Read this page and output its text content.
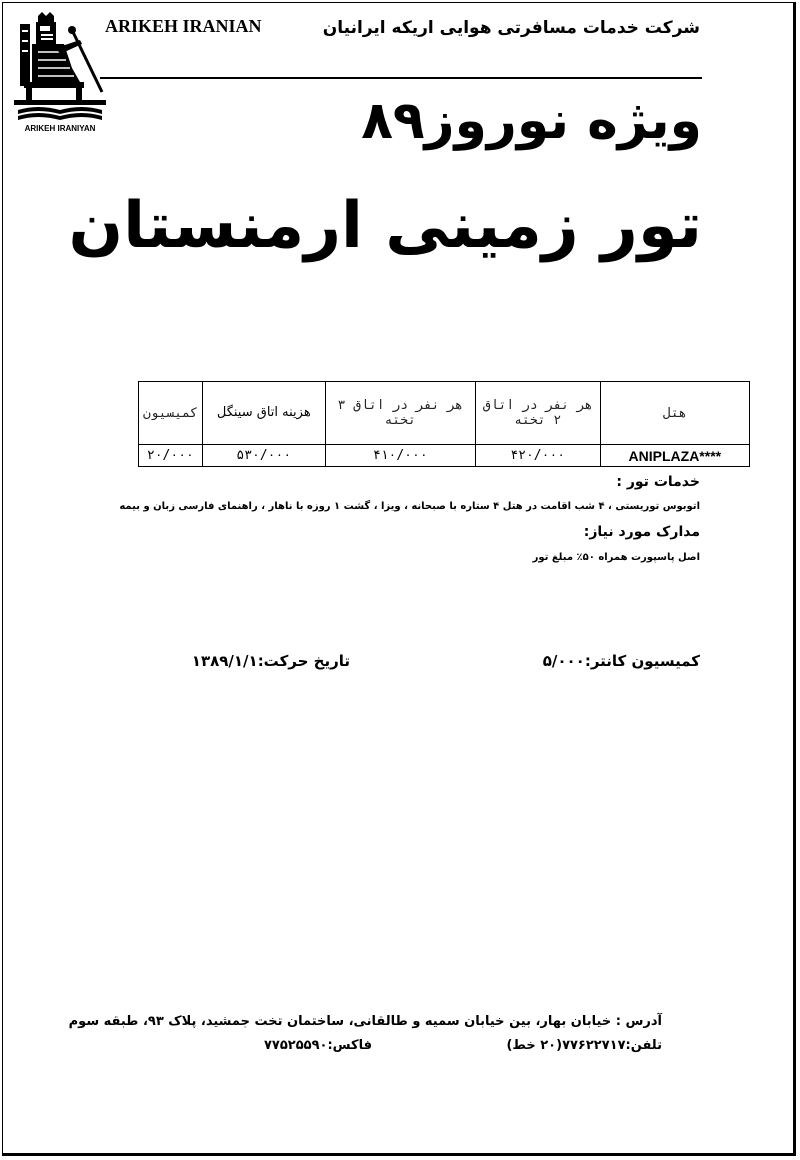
ARIKEH IRANIYAN
ARIKEH IRANIAN	شرکت خدمات مسافرتی هوایی اریکه ایرانیان
ویژه نوروز۸۹
تور زمینی ارمنستان
هتل	هر نفر در اتاق ۲ تخته	هر نفر در اتاق ۳ تخته	هزینه اتاق سینگل	کمیسیون
ANIPLAZA****	۴۲۰/۰۰۰	۴۱۰/۰۰۰	۵۳۰/۰۰۰	۲۰/۰۰۰
خدمات تور :
اتوبوس توریستی ، ۴ شب اقامت در هتل ۴ ستاره با صبحانه ، ویزا ، گشت ۱ روزه با ناهار ، راهنمای فارسی زبان و بیمه
مدارک مورد نیاز:
اصل پاسپورت همراه ۵۰٪ مبلغ تور
کمیسیون کانتر:۵/۰۰۰
تاریخ حرکت:۱۳۸۹/۱/۱
آدرس : خیابان بهار، بین خیابان سمیه و طالقانی، ساختمان تخت جمشید، پلاک ۹۳، طبقه سوم
تلفن:۷۷۶۲۲۷۱۷(۲۰ خط)
فاکس:۷۷۵۲۵۵۹۰
